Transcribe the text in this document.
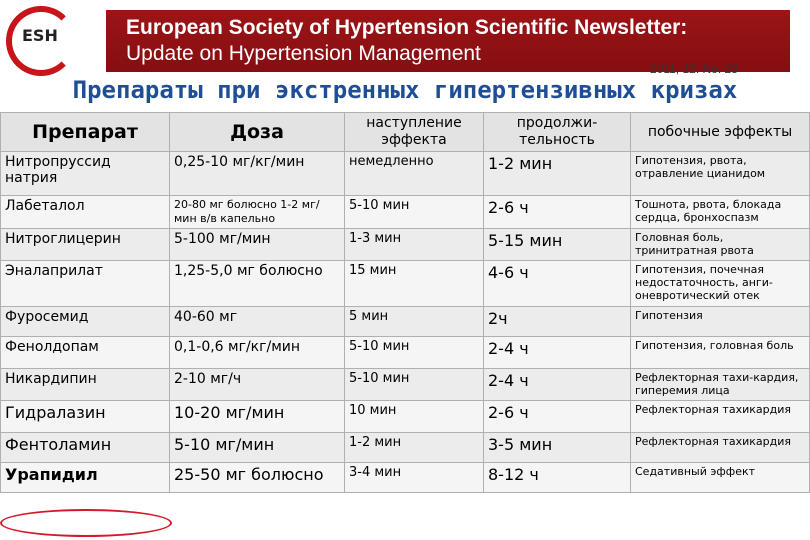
ESH	European Society of Hypertension Scientific Newsletter:
Update on Hypertension Management
2011; 12: No. 28
Препараты при экстренных гипертензивных кризах
Препарат	Доза	наступление эффекта	продолжи-тельность	побочные эффекты
Нитропруссид натрия	0,25-10 мг/кг/мин	немедленно	1-2 мин	Гипотензия, рвота, отравление цианидом
Лабеталол	20-80 мг болюсно 1-2 мг/мин в/в капельно	5-10 мин	2-6 ч	Тошнота, рвота, блокада сердца, бронхоспазм
Нитроглицерин	5-100 мг/мин	1-3 мин	5-15 мин	Головная боль, тринитратная рвота
Эналаприлат	1,25-5,0 мг болюсно	15 мин	4-6 ч	Гипотензия, почечная недостаточность, анги-оневротический отек
Фуросемид	40-60 мг	5 мин	2ч	Гипотензия
Фенолдопам	0,1-0,6 мг/кг/мин	5-10 мин	2-4 ч	Гипотензия, головная боль
Никардипин	2-10 мг/ч	5-10 мин	2-4 ч	Рефлекторная тахи-кардия, гиперемия лица
Гидралазин	10-20 мг/мин	10 мин	2-6 ч	Рефлекторная тахикардия
Фентоламин	5-10 мг/мин	1-2 мин	3-5 мин	Рефлекторная тахикардия
Урапидил	25-50 мг болюсно	3-4 мин	8-12 ч	Седативный эффект
